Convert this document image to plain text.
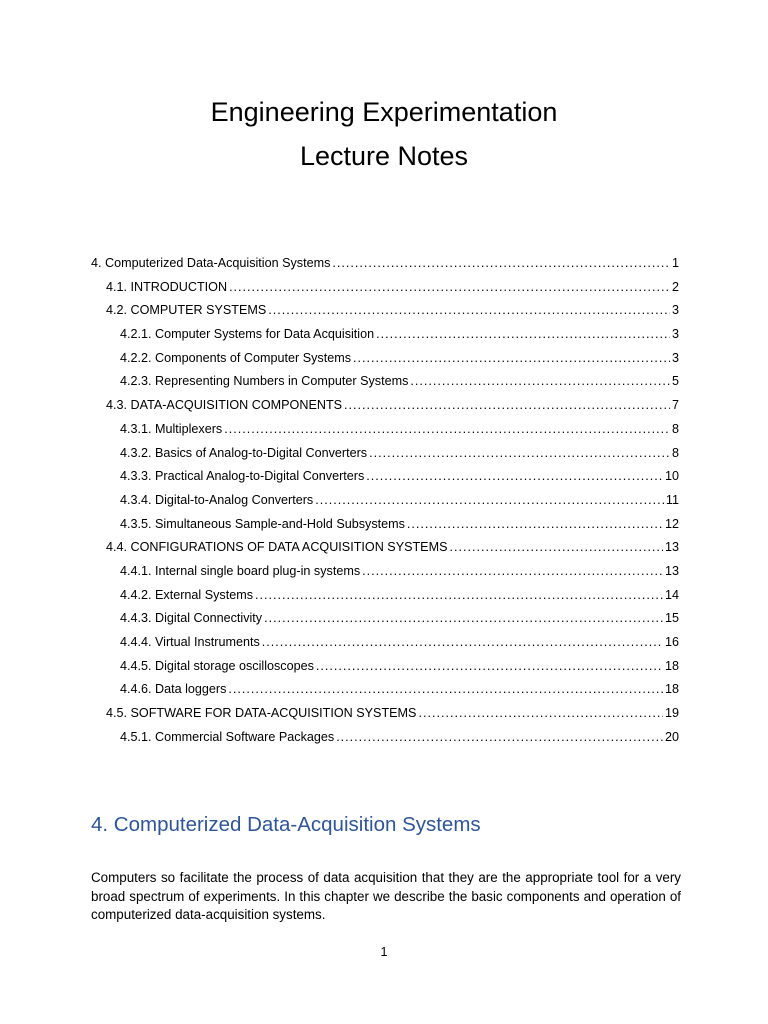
Engineering Experimentation
Lecture Notes
4. Computerized Data-Acquisition Systems .....	1
4.1. INTRODUCTION .....	2
4.2. COMPUTER SYSTEMS .....	3
4.2.1. Computer Systems for Data Acquisition .....	3
4.2.2. Components of Computer Systems .....	3
4.2.3. Representing Numbers in Computer Systems .....	5
4.3. DATA-ACQUISITION COMPONENTS .....	7
4.3.1. Multiplexers .....	8
4.3.2. Basics of Analog-to-Digital Converters .....	8
4.3.3. Practical Analog-to-Digital Converters .....	10
4.3.4. Digital-to-Analog Converters .....	11
4.3.5. Simultaneous Sample-and-Hold Subsystems .....	12
4.4. CONFIGURATIONS OF DATA ACQUISITION SYSTEMS .....	13
4.4.1. Internal single board plug-in systems .....	13
4.4.2. External Systems .....	14
4.4.3. Digital Connectivity .....	15
4.4.4. Virtual Instruments .....	16
4.4.5. Digital storage oscilloscopes .....	18
4.4.6. Data loggers .....	18
4.5. SOFTWARE FOR DATA-ACQUISITION SYSTEMS .....	19
4.5.1. Commercial Software Packages .....	20
4. Computerized Data-Acquisition Systems
Computers so facilitate the process of data acquisition that they are the appropriate tool for a very broad spectrum of experiments. In this chapter we describe the basic components and operation of computerized data-acquisition systems.
1
